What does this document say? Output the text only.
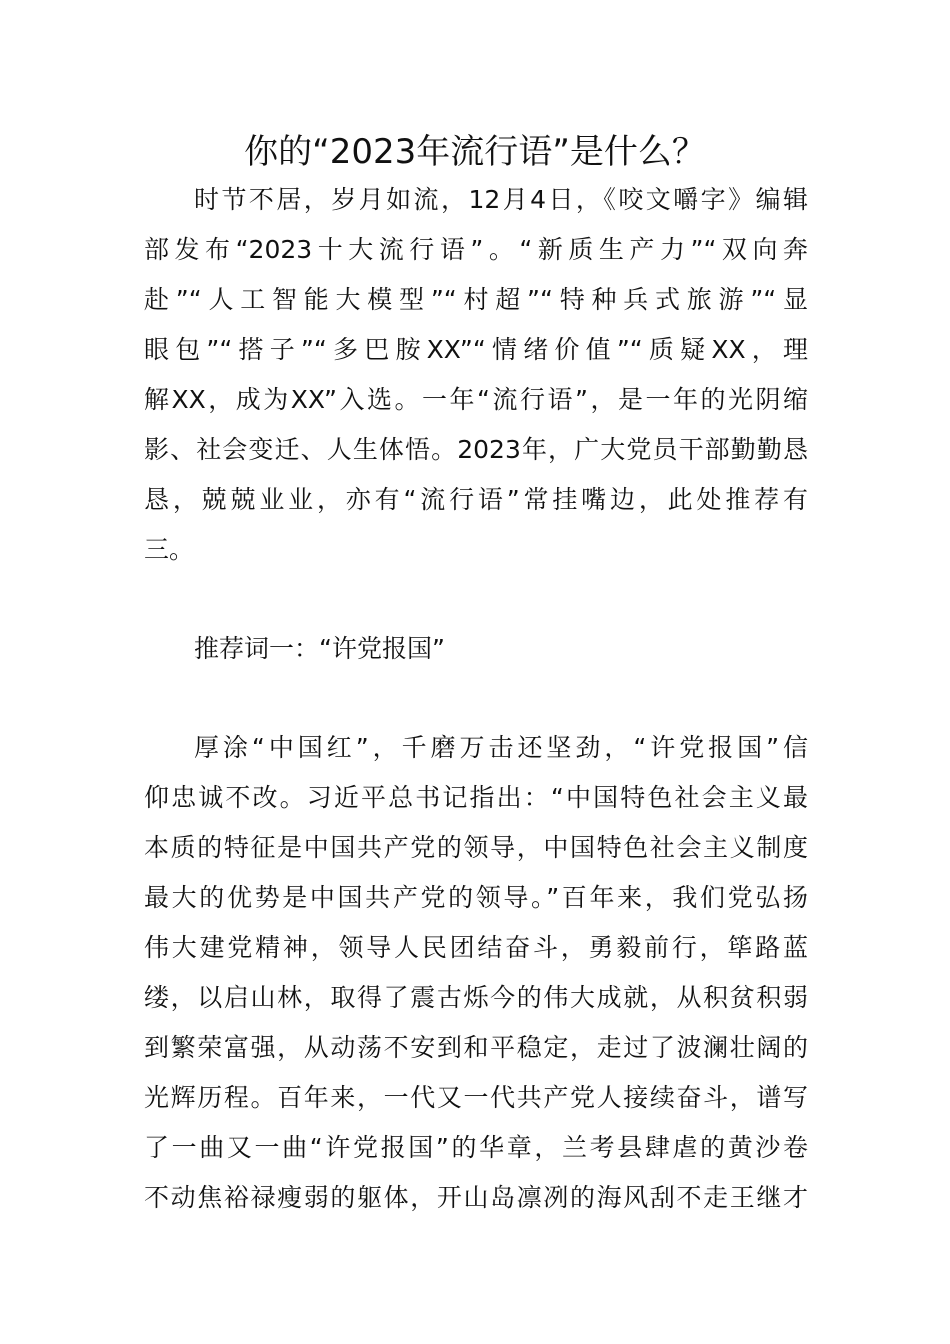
你的“2023年流行语”是什么？
时节不居，岁月如流，12月4日，《咬文嚼字》编辑
部发布“2023十大流行语”。“新质生产力”“双向奔
赴”“人工智能大模型”“村超”“特种兵式旅游”“显
眼包”“搭子”“多巴胺XX”“情绪价值”“质疑XX，理
解XX，成为XX”入选。一年“流行语”，是一年的光阴缩
影、社会变迁、人生体悟。2023年，广大党员干部勤勤恳
恳，兢兢业业，亦有“流行语”常挂嘴边，此处推荐有
三。
推荐词一：“许党报国”
厚涂“中国红”，千磨万击还坚劲，“许党报国”信
仰忠诚不改。习近平总书记指出：“中国特色社会主义最
本质的特征是中国共产党的领导，中国特色社会主义制度
最大的优势是中国共产党的领导。”百年来，我们党弘扬
伟大建党精神，领导人民团结奋斗，勇毅前行，筚路蓝
缕，以启山林，取得了震古烁今的伟大成就，从积贫积弱
到繁荣富强，从动荡不安到和平稳定，走过了波澜壮阔的
光辉历程。百年来，一代又一代共产党人接续奋斗，谱写
了一曲又一曲“许党报国”的华章，兰考县肆虐的黄沙卷
不动焦裕禄瘦弱的躯体，开山岛凛冽的海风刮不走王继才
